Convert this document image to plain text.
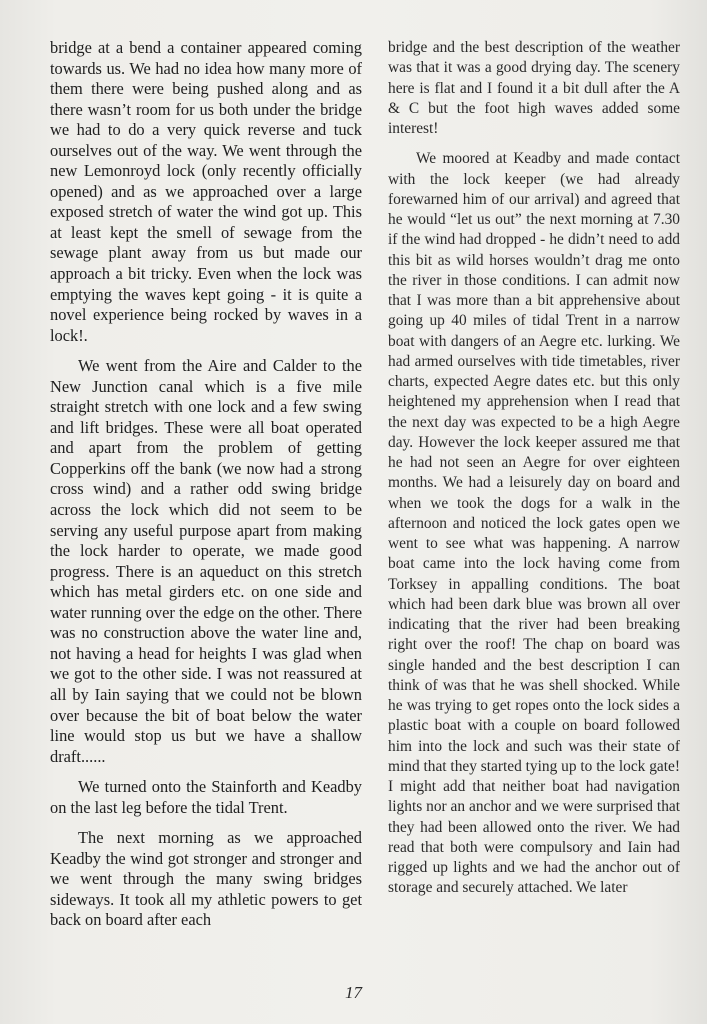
bridge at a bend a container appeared coming towards us. We had no idea how many more of them there were being pushed along and as there wasn’t room for us both under the bridge we had to do a very quick reverse and tuck ourselves out of the way. We went through the new Lemonroyd lock (only recently officially opened) and as we approached over a large exposed stretch of water the wind got up. This at least kept the smell of sewage from the sewage plant away from us but made our approach a bit tricky. Even when the lock was emptying the waves kept going - it is quite a novel experience being rocked by waves in a lock!.

We went from the Aire and Calder to the New Junction canal which is a five mile straight stretch with one lock and a few swing and lift bridges. These were all boat operated and apart from the problem of getting Copperkins off the bank (we now had a strong cross wind) and a rather odd swing bridge across the lock which did not seem to be serving any useful purpose apart from making the lock harder to operate, we made good progress. There is an aqueduct on this stretch which has metal girders etc. on one side and water running over the edge on the other. There was no construction above the water line and, not having a head for heights I was glad when we got to the other side. I was not reassured at all by Iain saying that we could not be blown over because the bit of boat below the water line would stop us but we have a shallow draft......

We turned onto the Stainforth and Keadby on the last leg before the tidal Trent.

The next morning as we approached Keadby the wind got stronger and stronger and we went through the many swing bridges sideways. It took all my athletic powers to get back on board after each

bridge and the best description of the weather was that it was a good drying day. The scenery here is flat and I found it a bit dull after the A & C but the foot high waves added some interest!

We moored at Keadby and made contact with the lock keeper (we had already forewarned him of our arrival) and agreed that he would “let us out” the next morning at 7.30 if the wind had dropped - he didn’t need to add this bit as wild horses wouldn’t drag me onto the river in those conditions. I can admit now that I was more than a bit apprehensive about going up 40 miles of tidal Trent in a narrow boat with dangers of an Aegre etc. lurking. We had armed ourselves with tide timetables, river charts, expected Aegre dates etc. but this only heightened my apprehension when I read that the next day was expected to be a high Aegre day. However the lock keeper assured me that he had not seen an Aegre for over eighteen months. We had a leisurely day on board and when we took the dogs for a walk in the afternoon and noticed the lock gates open we went to see what was happening. A narrow boat came into the lock having come from Torksey in appalling conditions. The boat which had been dark blue was brown all over indicating that the river had been breaking right over the roof! The chap on board was single handed and the best description I can think of was that he was shell shocked. While he was trying to get ropes onto the lock sides a plastic boat with a couple on board followed him into the lock and such was their state of mind that they started tying up to the lock gate! I might add that neither boat had navigation lights nor an anchor and we were surprised that they had been allowed onto the river. We had read that both were compulsory and Iain had rigged up lights and we had the anchor out of storage and securely attached. We later

17
